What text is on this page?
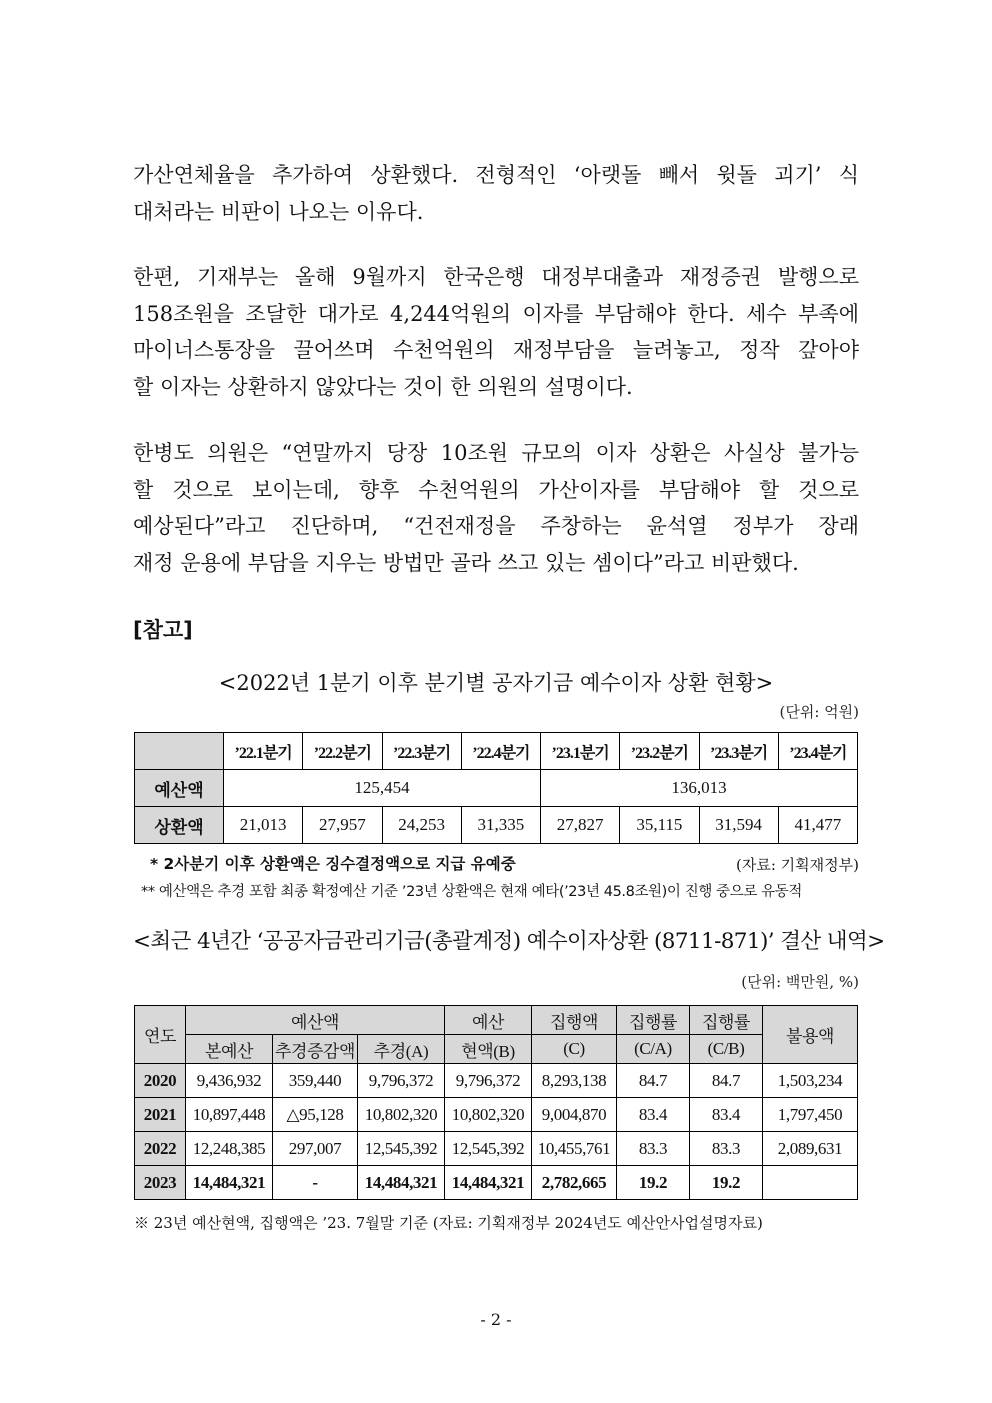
가산연체율을 추가하여 상환했다. 전형적인 ‘아랫돌 빼서 윗돌 괴기’ 식
대처라는 비판이 나오는 이유다.
한편, 기재부는 올해 9월까지 한국은행 대정부대출과 재정증권 발행으로
158조원을 조달한 대가로 4,244억원의 이자를 부담해야 한다. 세수 부족에
마이너스통장을 끌어쓰며 수천억원의 재정부담을 늘려놓고, 정작 갚아야
할 이자는 상환하지 않았다는 것이 한 의원의 설명이다.
한병도 의원은 “연말까지 당장 10조원 규모의 이자 상환은 사실상 불가능
할 것으로 보이는데, 향후 수천억원의 가산이자를 부담해야 할 것으로
예상된다”라고 진단하며, “건전재정을 주창하는 윤석열 정부가 장래
재정 운용에 부담을 지우는 방법만 골라 쓰고 있는 셈이다”라고 비판했다.
[참고]
<2022년 1분기 이후 분기별 공자기금 예수이자 상환 현황>
(단위: 억원)
	’22.1분기	’22.2분기	’22.3분기	’22.4분기	’23.1분기	’23.2분기	’23.3분기	’23.4분기
예산액	125,454				136,013			
상환액	21,013	27,957	24,253	31,335	27,827	35,115	31,594	41,477
* 2사분기 이후 상환액은 징수결정액으로 지급 유예중	(자료: 기획재정부)
** 예산액은 추경 포함 최종 확정예산 기준 ’23년 상환액은 현재 예타(’23년 45.8조원)이 진행 중으로 유동적
<최근 4년간 ‘공공자금관리기금(총괄계정) 예수이자상환 (8711-871)’ 결산 내역>
(단위: 백만원, %)
연도	예산액			예산	집행액	집행률	집행률	불용액
	본예산	추경증감액	추경(A)	현액(B)	(C)	(C/A)	(C/B)	
2020	9,436,932	359,440	9,796,372	9,796,372	8,293,138	84.7	84.7	1,503,234
2021	10,897,448	△95,128	10,802,320	10,802,320	9,004,870	83.4	83.4	1,797,450
2022	12,248,385	297,007	12,545,392	12,545,392	10,455,761	83.3	83.3	2,089,631
2023	14,484,321	-	14,484,321	14,484,321	2,782,665	19.2	19.2	
※ 23년 예산현액, 집행액은 ’23. 7월말 기준 (자료: 기획재정부 2024년도 예산안사업설명자료)
- 2 -
